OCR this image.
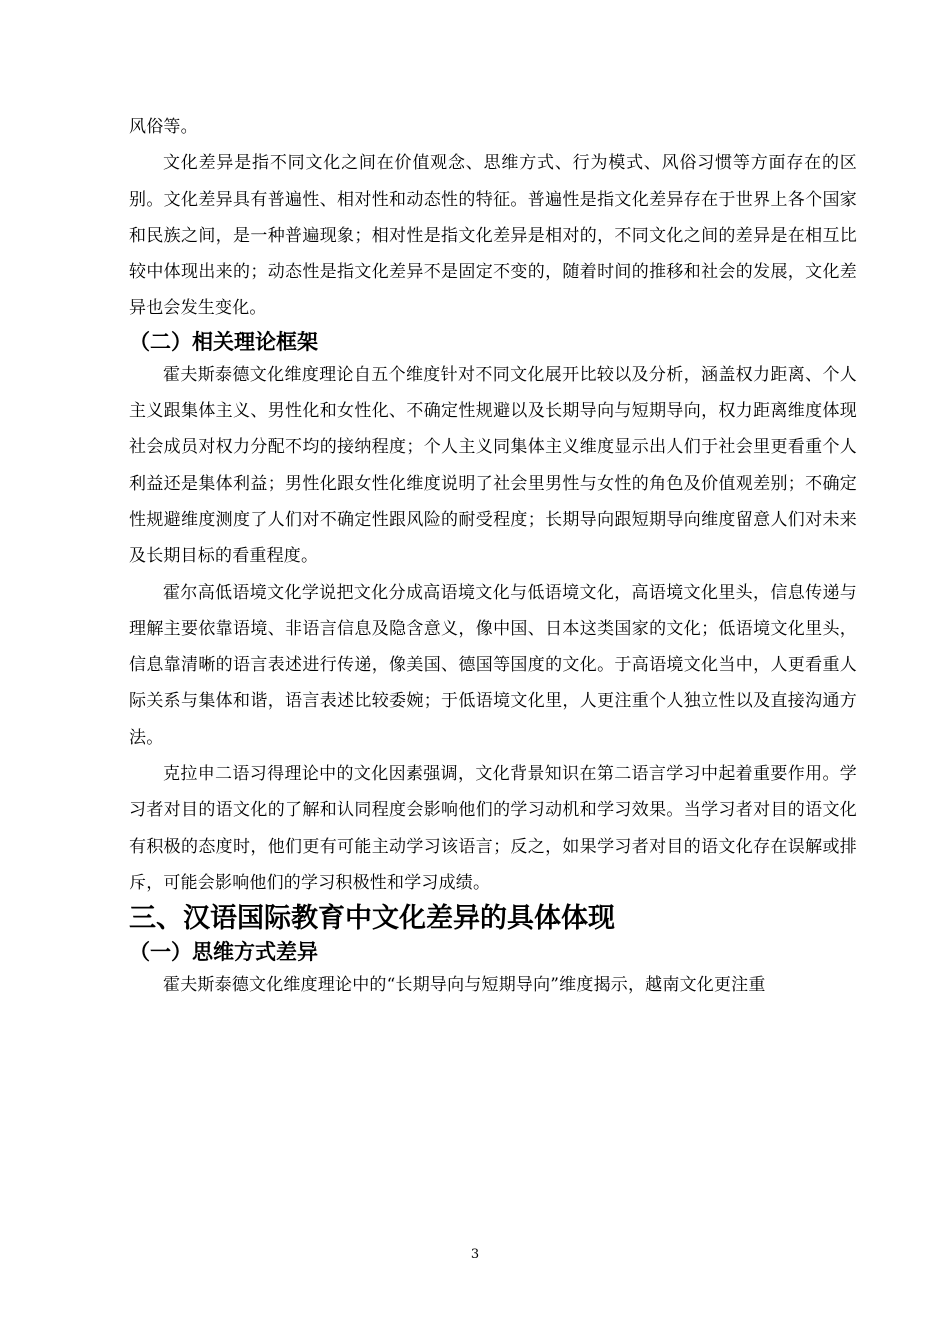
风俗等。

文化差异是指不同文化之间在价值观念、思维方式、行为模式、风俗习惯等方面存在的区别。文化差异具有普遍性、相对性和动态性的特征。普遍性是指文化差异存在于世界上各个国家和民族之间，是一种普遍现象；相对性是指文化差异是相对的，不同文化之间的差异是在相互比较中体现出来的；动态性是指文化差异不是固定不变的，随着时间的推移和社会的发展，文化差异也会发生变化。

（二）相关理论框架

霍夫斯泰德文化维度理论自五个维度针对不同文化展开比较以及分析，涵盖权力距离、个人主义跟集体主义、男性化和女性化、不确定性规避以及长期导向与短期导向，权力距离维度体现社会成员对权力分配不均的接纳程度；个人主义同集体主义维度显示出人们于社会里更看重个人利益还是集体利益；男性化跟女性化维度说明了社会里男性与女性的角色及价值观差别；不确定性规避维度测度了人们对不确定性跟风险的耐受程度；长期导向跟短期导向维度留意人们对未来及长期目标的看重程度。

霍尔高低语境文化学说把文化分成高语境文化与低语境文化，高语境文化里头，信息传递与理解主要依靠语境、非语言信息及隐含意义，像中国、日本这类国家的文化；低语境文化里头，信息靠清晰的语言表述进行传递，像美国、德国等国度的文化。于高语境文化当中，人更看重人际关系与集体和谐，语言表述比较委婉；于低语境文化里，人更注重个人独立性以及直接沟通方法。

克拉申二语习得理论中的文化因素强调，文化背景知识在第二语言学习中起着重要作用。学习者对目的语文化的了解和认同程度会影响他们的学习动机和学习效果。当学习者对目的语文化有积极的态度时，他们更有可能主动学习该语言；反之，如果学习者对目的语文化存在误解或排斥，可能会影响他们的学习积极性和学习成绩。

三、汉语国际教育中文化差异的具体体现
（一）思维方式差异

霍夫斯泰德文化维度理论中的“长期导向与短期导向”维度揭示，越南文化更注重

3
